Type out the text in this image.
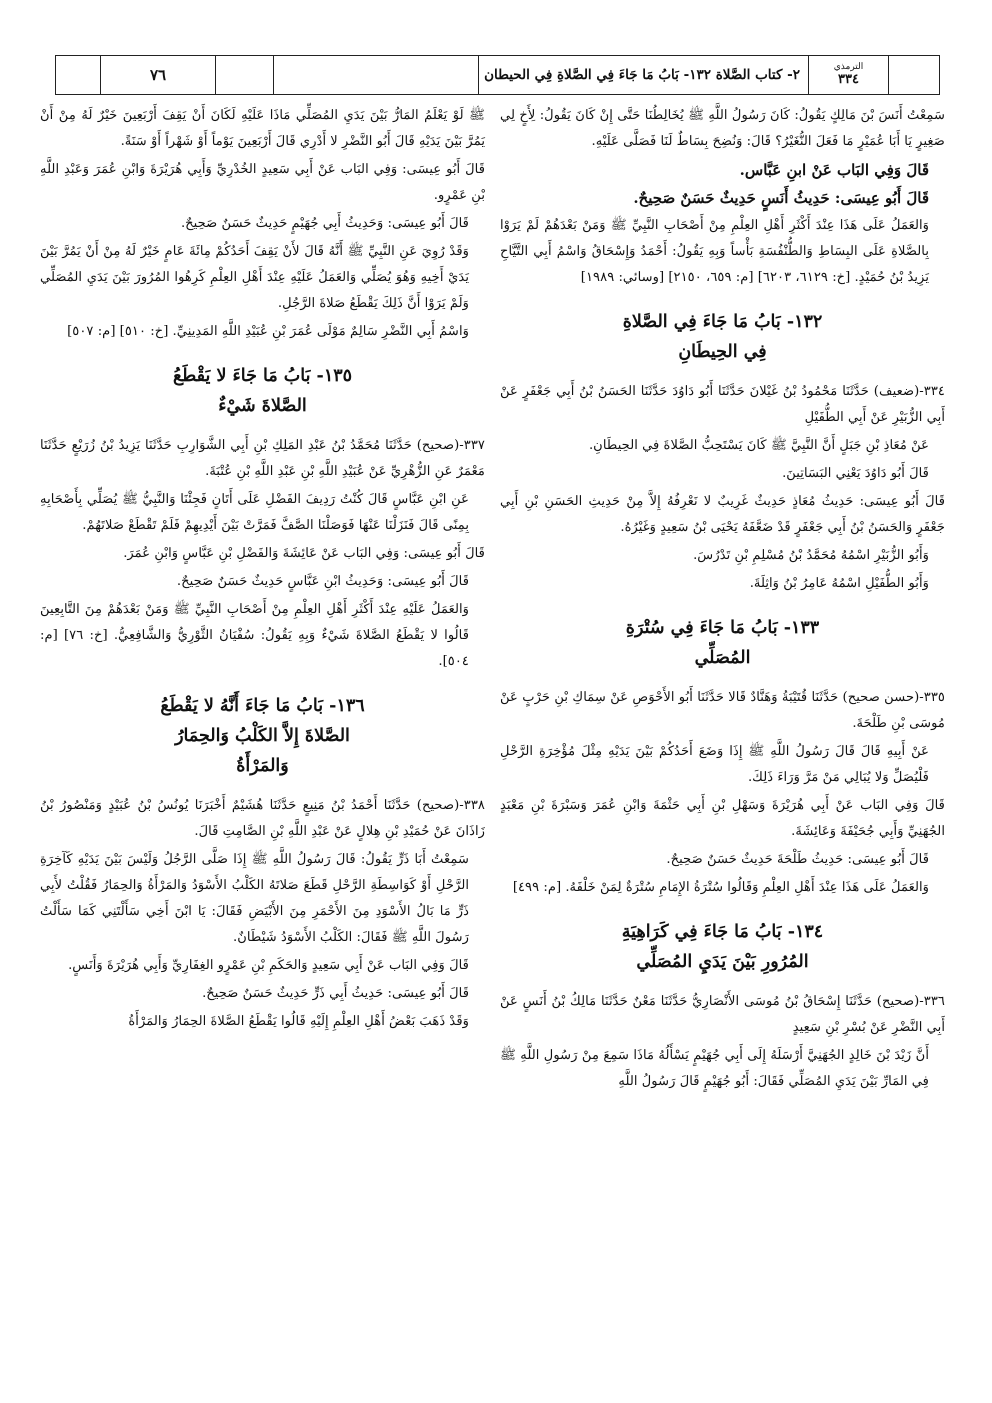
٧٦	٢- كتاب الصَّلاة ١٣٢- بَابُ مَا جَاءَ فِي الصَّلاةِ فِي الحيطان	الترمذي
٣٣٤

سَمِعْتُ أَنَسَ بْنَ مَالِكٍ يَقُولُ: كَانَ رَسُولُ اللَّهِ ﷺ يُخَالِطُنَا حَتَّى إِنْ كَانَ يَقُولُ: لِأَخٍ لِي صَغِيرٍ يَا أَبَا عُمَيْرٍ مَا فَعَلَ النُّغَيْرُ؟ قَالَ: وَنُضِحَ بِسَاطٌ لَنَا فَصَلَّى عَلَيْهِ.

قَالَ وَفِي البَاب عَنْ ابنِ عَبَّاس.

قَالَ أَبُو عِيسَى: حَدِيثُ أَنَسٍ حَدِيثٌ حَسَنٌ صَحِيحٌ.

وَالعَمَلُ عَلَى هَذَا عِنْدَ أَكْثَرِ أَهْلِ العِلْمِ مِنْ أَصْحَابِ النَّبِيِّ ﷺ وَمَنْ بَعْدَهُمْ لَمْ يَرَوْا بِالصَّلاةِ عَلَى البِسَاطِ وَالطُّنْفُسَةِ بَأْساً وَبِهِ يَقُولُ: أَحْمَدُ وَإِسْحَاقُ وَاسْمُ أَبِي التَّيَّاحِ يَزِيدُ بْنُ حُمَيْدٍ. [خ: ٦١٢٩، ٦٢٠٣] [م: ٦٥٩، ٢١٥٠] [وسائي: ١٩٨٩]

١٣٢- بَابُ مَا جَاءَ فِي الصَّلاةِ
فِي الحِيطَانِ

٣٣٤-(ضعيف) حَدَّثَنَا مَحْمُودُ بْنُ غَيْلانَ حَدَّثَنَا أَبُو دَاوُدَ حَدَّثَنَا الحَسَنُ بْنُ أَبِي جَعْفَرٍ عَنْ أَبِي الزُّبَيْرِ عَنْ أَبِي الطُّفَيْلِ

عَنْ مُعَاذِ بْنِ جَبَلٍ أَنَّ النَّبِيَّ ﷺ كَانَ يَسْتَحِبُّ الصَّلاةَ فِي الحِيطَانِ.

قَالَ أَبُو دَاوُدَ يَعْنِي البَسَاتِينَ.

قَالَ أَبُو عِيسَى: حَدِيثُ مُعَاذٍ حَدِيثٌ غَرِيبٌ لا نَعْرِفُهُ إِلاَّ مِنْ حَدِيثِ الحَسَنِ بْنِ أَبِي جَعْفَرٍ وَالحَسَنُ بْنُ أَبِي جَعْفَرٍ قَدْ ضَعَّفَهُ يَحْيَى بْنُ سَعِيدٍ وَغَيْرُهُ.

وَأَبُو الزُّبَيْرِ اسْمُهُ مُحَمَّدُ بْنُ مُسْلِمِ بْنِ تَدْرُسَ.

وَأَبُو الطُّفَيْلِ اسْمُهُ عَامِرُ بْنُ وَاثِلَةَ.

١٣٣- بَابُ مَا جَاءَ فِي سُتْرَةِ
المُصَلِّي

٣٣٥-(حسن صحيح) حَدَّثَنَا قُتَيْبَةُ وَهَنَّادٌ قَالا حَدَّثَنَا أَبُو الأَحْوَصِ عَنْ سِمَاكِ بْنِ حَرْبٍ عَنْ مُوسَى بْنِ طَلْحَةَ.

عَنْ أَبِيهِ قَالَ قَالَ رَسُولُ اللَّهِ ﷺ إِذَا وَضَعَ أَحَدُكُمْ بَيْنَ يَدَيْهِ مِثْلَ مُؤْخِرَةِ الرَّحْلِ فَلْيُصَلِّ وَلا يُبَالِي مَنْ مَرَّ وَرَاءَ ذَلِكَ.

قَالَ وَفِي البَاب عَنْ أَبِي هُرَيْرَةَ وَسَهْلِ بْنِ أَبِي حَثْمَةَ وَابْنِ عُمَرَ وَسَبْرَةَ بْنِ مَعْبَدٍ الجُهَنِيِّ وَأَبِي جُحَيْفَةَ وَعَائِشَةَ.

قَالَ أَبُو عِيسَى: حَدِيثُ طَلْحَةَ حَدِيثٌ حَسَنٌ صَحِيحٌ.

وَالعَمَلُ عَلَى هَذَا عِنْدَ أَهْلِ العِلْمِ وَقَالُوا سُتْرَةُ الإِمَامِ سُتْرَةٌ لِمَنْ خَلْفَهُ. [م: ٤٩٩]

١٣٤- بَابُ مَا جَاءَ فِي كَرَاهِيَةِ
المُرُورِ بَيْنَ يَدَيِ المُصَلِّي

٣٣٦-(صحيح) حَدَّثَنَا إِسْحَاقُ بْنُ مُوسَى الأَنْصَارِيُّ حَدَّثَنَا مَعْنٌ حَدَّثَنَا مَالِكُ بْنُ أَنَسٍ عَنْ أَبِي النَّضْرِ عَنْ بُسْرِ بْنِ سَعِيدٍ

أَنَّ زَيْدَ بْنَ خَالِدٍ الجُهَنِيَّ أَرْسَلَهُ إِلَى أَبِي جُهَيْمٍ يَسْأَلُهُ مَاذَا سَمِعَ مِنْ رَسُولِ اللَّهِ ﷺ فِي المَارِّ بَيْنَ يَدَيِ المُصَلِّي فَقَالَ: أَبُو جُهَيْمٍ قَالَ رَسُولُ اللَّهِ

ﷺ لَوْ يَعْلَمُ المَارُّ بَيْنَ يَدَيِ المُصَلِّي مَاذَا عَلَيْهِ لَكَانَ أَنْ يَقِفَ أَرْبَعِينَ خَيْرٌ لَهُ مِنْ أَنْ يَمُرَّ بَيْنَ يَدَيْهِ قَالَ أَبُو النَّضْرِ لا أَدْرِي قَالَ أَرْبَعِينَ يَوْماً أَوْ شَهْراً أَوْ سَنَةً.

قَالَ أَبُو عِيسَى: وَفِي البَاب عَنْ أَبِي سَعِيدٍ الخُدْرِيِّ وَأَبِي هُرَيْرَةَ وَابْنِ عُمَرَ وَعَبْدِ اللَّهِ بْنِ عَمْرٍو.

قَالَ أَبُو عِيسَى: وَحَدِيثُ أَبِي جُهَيْمٍ حَدِيثٌ حَسَنٌ صَحِيحٌ.

وَقَدْ رُوِيَ عَنِ النَّبِيِّ ﷺ أَنَّهُ قَالَ لأَنْ يَقِفَ أَحَدُكُمْ مِائَةَ عَامٍ خَيْرٌ لَهُ مِنْ أَنْ يَمُرَّ بَيْنَ يَدَيْ أَخِيهِ وَهُوَ يُصَلِّي وَالعَمَلُ عَلَيْهِ عِنْدَ أَهْلِ العِلْمِ كَرِهُوا المُرُورَ بَيْنَ يَدَيِ المُصَلِّي وَلَمْ يَرَوْا أَنَّ ذَلِكَ يَقْطَعُ صَلاةَ الرَّجُلِ.

وَاسْمُ أَبِي النَّضْرِ سَالِمٌ مَوْلَى عُمَرَ بْنِ عُبَيْدِ اللَّهِ المَدِينِيِّ. [خ: ٥١٠] [م: ٥٠٧]

١٣٥- بَابُ مَا جَاءَ لا يَقْطَعُ
الصَّلاةَ شَيْءٌ

٣٣٧-(صحيح) حَدَّثَنَا مُحَمَّدُ بْنُ عَبْدِ المَلِكِ بْنِ أَبِي الشَّوَارِبِ حَدَّثَنَا يَزِيدُ بْنُ زُرَيْعٍ حَدَّثَنَا مَعْمَرٌ عَنِ الزُّهْرِيِّ عَنْ عُبَيْدِ اللَّهِ بْنِ عَبْدِ اللَّهِ بْنِ عُتْبَةَ.

عَنِ ابْنِ عَبَّاسٍ قَالَ كُنْتُ رَدِيفَ الفَضْلِ عَلَى أَتَانٍ فَجِئْنَا وَالنَّبِيُّ ﷺ يُصَلِّي بِأَصْحَابِهِ بِمِنًى قَالَ فَنَزَلْنَا عَنْهَا فَوَصَلْنَا الصَّفَّ فَمَرَّتْ بَيْنَ أَيْدِيهِمْ فَلَمْ تَقْطَعْ صَلاتَهُمْ.

قَالَ أَبُو عِيسَى: وَفِي البَاب عَنْ عَائِشَةَ وَالفَضْلِ بْنِ عَبَّاسٍ وَابْنِ عُمَرَ.

قَالَ أَبُو عِيسَى: وَحَدِيثُ ابْنِ عَبَّاسٍ حَدِيثٌ حَسَنٌ صَحِيحٌ.

وَالعَمَلُ عَلَيْهِ عِنْدَ أَكْثَرِ أَهْلِ العِلْمِ مِنْ أَصْحَابِ النَّبِيِّ ﷺ وَمَنْ بَعْدَهُمْ مِنَ التَّابِعِينَ قَالُوا لا يَقْطَعُ الصَّلاةَ شَيْءٌ وَبِهِ يَقُولُ: سُفْيَانُ الثَّوْرِيُّ وَالشَّافِعِيُّ. [خ: ٧٦] [م: ٥٠٤].

١٣٦- بَابُ مَا جَاءَ أَنَّهُ لا يَقْطَعُ
الصَّلاةَ إِلاَّ الكَلْبُ وَالحِمَارُ
وَالمَرْأَةُ

٣٣٨-(صحيح) حَدَّثَنَا أَحْمَدُ بْنُ مَنِيعٍ حَدَّثَنَا هُشَيْمٌ أَخْبَرَنَا يُونُسُ بْنُ عُبَيْدٍ وَمَنْصُورُ بْنُ زَاذَانَ عَنْ حُمَيْدِ بْنِ هِلالٍ عَنْ عَبْدِ اللَّهِ بْنِ الصَّامِتِ قَالَ.

سَمِعْتُ أَبَا ذَرٍّ يَقُولُ: قَالَ رَسُولُ اللَّهِ ﷺ إِذَا صَلَّى الرَّجُلُ وَلَيْسَ بَيْنَ يَدَيْهِ كَآخِرَةِ الرَّحْلِ أَوْ كَوَاسِطَةِ الرَّحْلِ قَطَعَ صَلاتَهُ الكَلْبُ الأَسْوَدُ وَالمَرْأَةُ وَالحِمَارُ فَقُلْتُ لأَبِي ذَرٍّ مَا بَالُ الأَسْوَدِ مِنَ الأَحْمَرِ مِنَ الأَبْيَضِ فَقَالَ: يَا ابْنَ أَخِي سَأَلْتَنِي كَمَا سَأَلْتُ رَسُولَ اللَّهِ ﷺ فَقَالَ: الكَلْبُ الأَسْوَدُ شَيْطَانٌ.

قَالَ وَفِي البَاب عَنْ أَبِي سَعِيدٍ وَالحَكَمِ بْنِ عَمْرٍو الغِفَارِيِّ وَأَبِي هُرَيْرَةَ وَأَنَسٍ.

قَالَ أَبُو عِيسَى: حَدِيثُ أَبِي ذَرٍّ حَدِيثٌ حَسَنٌ صَحِيحٌ.

وَقَدْ ذَهَبَ بَعْضُ أَهْلِ العِلْمِ إِلَيْهِ قَالُوا يَقْطَعُ الصَّلاةَ الحِمَارُ وَالمَرْأَةُ
